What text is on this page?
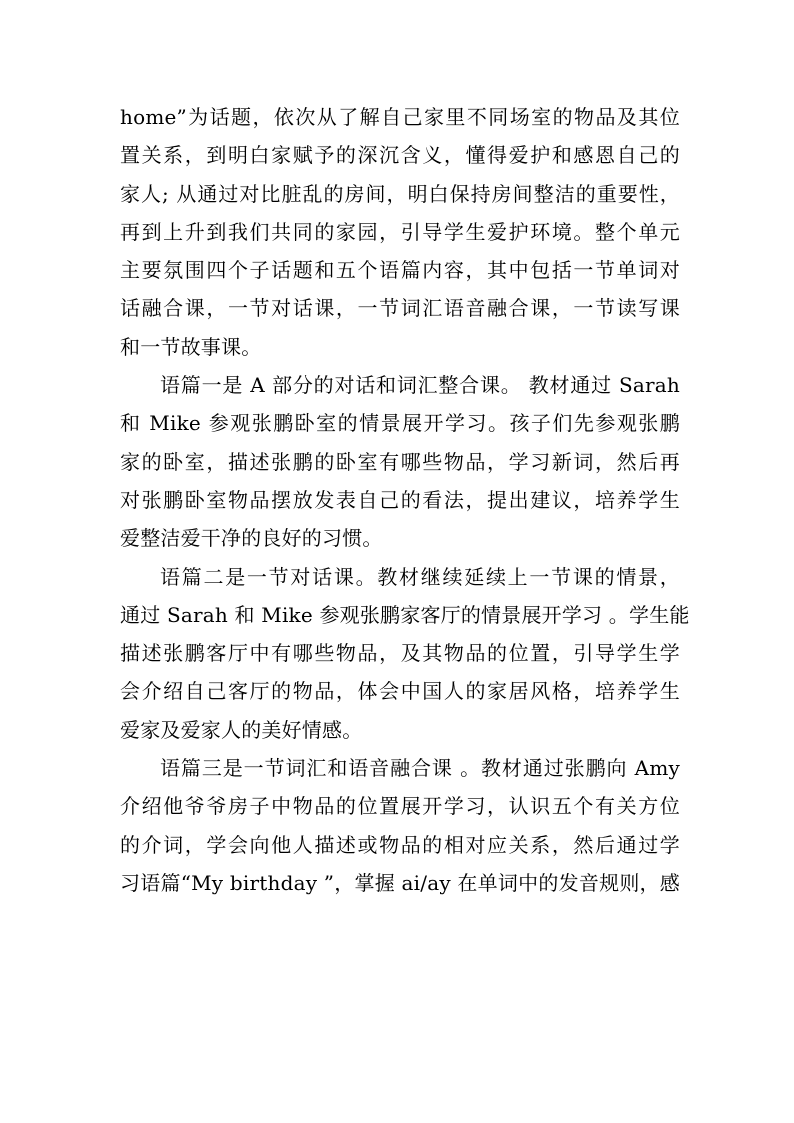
home”为话题，依次从了解自己家里不同场室的物品及其位
置关系，到明白家赋予的深沉含义，懂得爱护和感恩自己的
家人; 从通过对比脏乱的房间，明白保持房间整洁的重要性，
再到上升到我们共同的家园，引导学生爱护环境。整个单元
主要氛围四个子话题和五个语篇内容，其中包括一节单词对
话融合课，一节对话课，一节词汇语音融合课，一节读写课
和一节故事课。
语篇一是 A 部分的对话和词汇整合课。 教材通过 Sarah
和 Mike 参观张鹏卧室的情景展开学习。孩子们先参观张鹏
家的卧室，描述张鹏的卧室有哪些物品，学习新词，然后再
对张鹏卧室物品摆放发表自己的看法，提出建议，培养学生
爱整洁爱干净的良好的习惯。
语篇二是一节对话课。教材继续延续上一节课的情景，
通过 Sarah 和 Mike 参观张鹏家客厅的情景展开学习 。学生能
描述张鹏客厅中有哪些物品，及其物品的位置，引导学生学
会介绍自己客厅的物品，体会中国人的家居风格，培养学生
爱家及爱家人的美好情感。
语篇三是一节词汇和语音融合课 。教材通过张鹏向 Amy
介绍他爷爷房子中物品的位置展开学习，认识五个有关方位
的介词，学会向他人描述或物品的相对应关系，然后通过学
习语篇“My birthday ”，掌握 ai/ay 在单词中的发音规则，感
